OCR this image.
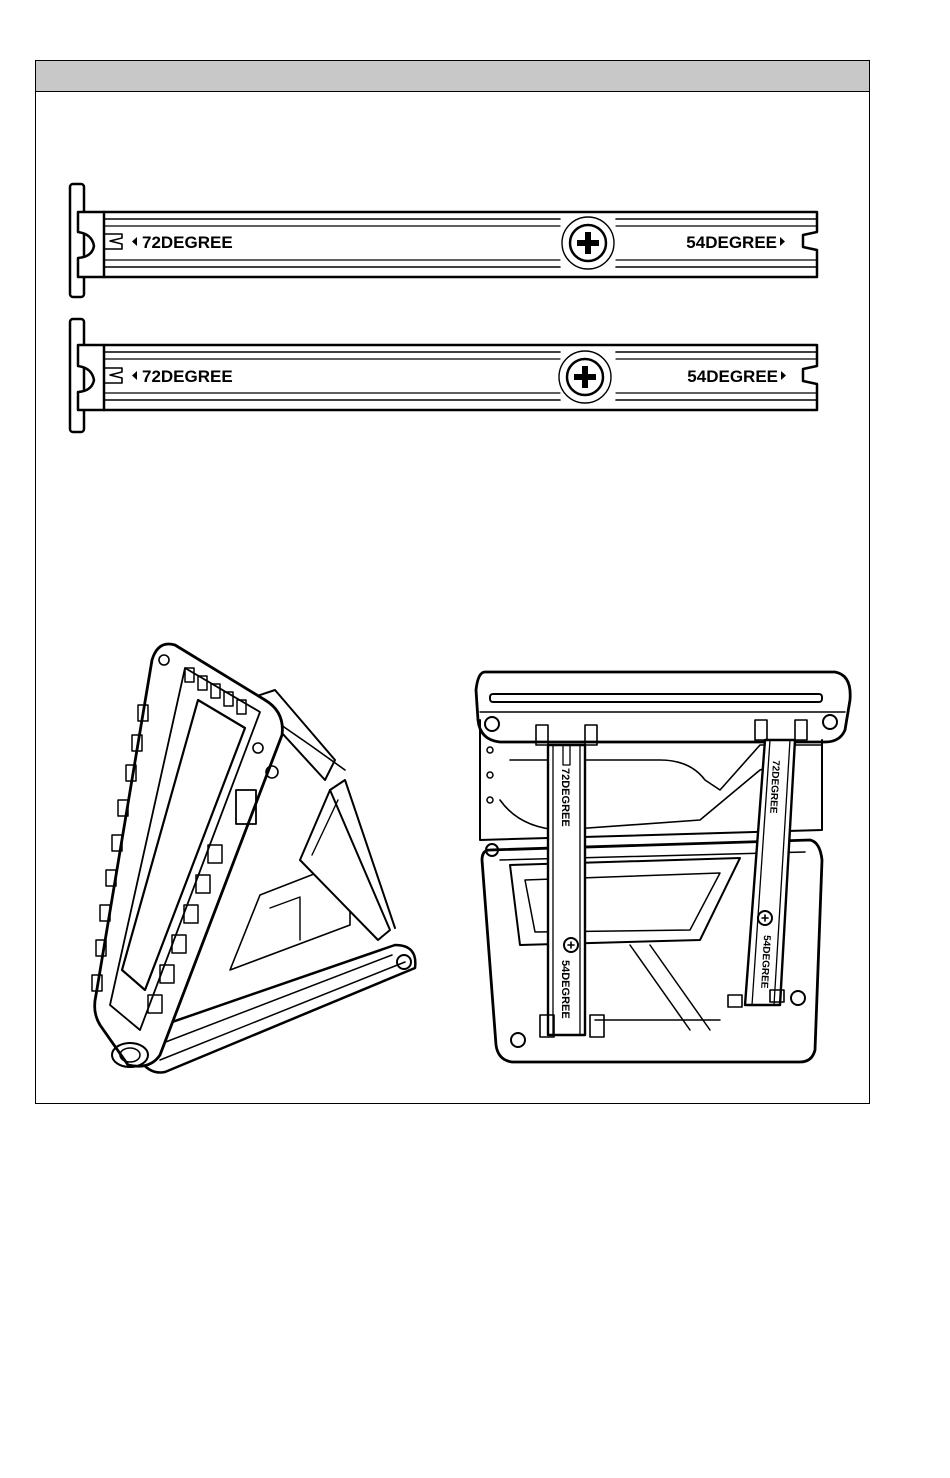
72DEGREE	54DEGREE
72DEGREE	54DEGREE
72DEGREE
54DEGREE
72DEGREE
54DEGREE
